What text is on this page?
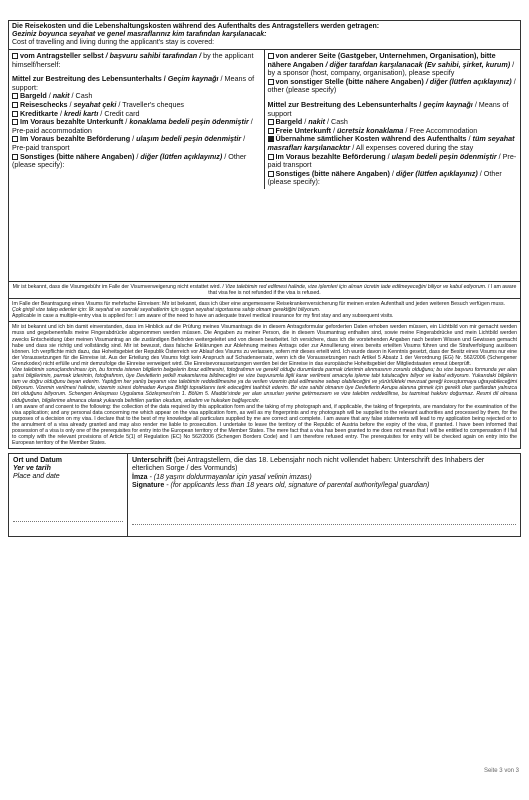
Die Reisekosten und die Lebenshaltungskosten während des Aufenthalts des Antragstellers werden getragen:
Geziniz boyunca seyahat ve genel masraflarınız kim tarafından karşılanacak:
Cost of travelling and living during the applicant's stay is covered:
vom Antragsteller selbst / başvuru sahibi tarafından / by the applicant himself/herself:
Mittel zur Bestreitung des Lebensunterhalts / Geçim kaynağı / Means of support:
Bargeld / nakit / Cash
Reiseschecks / seyahat çeki / Traveller's cheques
Kreditkarte / kredi kartı / Credit card
Im Voraus bezahlte Unterkunft / konaklama bedeli peşin ödenmiştir / Pre-paid accommodation
Im Voraus bezahlte Beförderung / ulaşım bedeli peşin ödenmiştir / Pre-paid transport
Sonstiges (bitte nähere Angaben) / diğer (lütfen açıklayınız) / Other (please specify):
von anderer Seite (Gastgeber, Unternehmen, Organisation), bitte nähere Angaben / diğer tarafdan karşılanacak (Ev sahibi, şirket, kurum) / by a sponsor (host, company, organisation), please specify
von sonstiger Stelle (bitte nähere Angaben) / diğer (lütfen açıklayınız) / other (please specify)
Mittel zur Bestreitung des Lebensunterhalts / geçim kaynağı / Means of support
Bargeld / nakit / Cash
Freie Unterkunft / ücretsiz konaklama / Free Accommodation
Übernahme sämtlicher Kosten während des Aufenthalts / tüm seyahat masrafları karşılanacktır / All expenses covered during the stay
Im Voraus bezahlte Beförderung / ulaşım bedeli peşin ödenmiştir / Pre-paid transport
Sonstiges (bitte nähere Angaben) / diğer (lütfen açıklayınız) / Other (please specify):
Mir ist bekannt, dass die Visumgebühr im Falle der Visumverweigerung nicht erstattet wird. / Vize talebimin red edilmesi halinde, vize işlemleri için alınan ücretin iade edilmeyeceğini biliyor ve kabul ediyorum. / I am aware that visa fee is not refunded if the visa is refused.

Im Falle der Beantragung eines Visums für mehrfache Einreisen: Mir ist bekannt, dass ich über eine angemessene Reisekrankenversicherung für meinen ersten Aufenthalt und jeden weiteren Besuch verfügen muss.

Çok girişli vize talep edenler için: İlk seyahat ve sonraki seyahatlerim için uygun seyahat sigortasına sahip olmam gerektiğini biliyorum.

Applicable in case a multiple-entry visa is applied for: I am aware of the need to have an adequate travel medical insurance for my first stay and any subsequent visits.

Mir ist bekannt und ich bin damit einverstanden, dass im Hinblick auf die Prüfung meines Visumantrags die in diesem Antragsformular geforderten Daten erhoben werden müssen, ein Lichtbild von mir gemacht werden muss und gegebenenfalls meine Fingerabdrücke abgenommen werden müssen. Die Angaben zu meiner Person, die in diesem Visumantrag enthalten sind, sowie meine Fingerabdrücke und mein Lichtbild werden zwecks Entscheidung über meinen Visumantrag an die zuständigen Behörden weitergeleitet und von diesen bearbeitet. Ich versichere, dass ich die vorstehenden Angaben nach bestem Wissen und Gewissen gemacht habe und dass sie richtig und vollständig sind. Mir ist bewusst, dass falsche Erklärungen zur Ablehnung meines Antrags oder zur Annullierung eines bereits erteilten Visums führen und die Strafverfolgung auslösen können. Ich verpflichte mich dazu, das Hoheitsgebiet der Republik Österreich vor Ablauf des Visums zu verlassen, sofern mir dieses erteilt wird. Ich wurde davon in Kenntnis gesetzt, dass der Besitz eines Visums nur eine der Voraussetzungen für die Einreise ist. Aus der Erteilung des Visums folgt kein Anspruch auf Schadensersatz, wenn ich die Voraussetzungen nach Artikel 5 Absatz 1 der Verordnung (EG) Nr. 562/2006 (Schengener Grenzkodex) nicht erfülle und mir demzufolge die Einreise verweigert wird. Die Einreisevoraussetzungen werden bei der Einreise in das europäische Hoheitsgebiet der Mitgliedstaaten erneut überprüft.

Vize talebimin sonuçlandırılması için, bu formda istenen bilgilerin belgelerin ibraz edilmesini, fotoğrafımın ve gerekli olduğu durumlarda parmak izlerimin alınmasının zorunlu olduğunu; bu vize başvuru formunda yer alan şahsi bilgilerimin, parmak izlerimin, fotoğrafımın, üye Devletlerin yetkili makamlarına bildireceğini ve vize başvurumla ilgili karar verilmesi amacıyla işleme tabi tutulacağını biliyor ve kabul ediyorum. Yukarıdaki bilgilerin tam ve doğru olduğunu beyan ederim. Yaptığım her yanlış beyanın vize talebimin reddedilmesine ya da verilen vizemin iptal edilmesine sebep olabileceğini ve yürürlükteki mevzuat gereği kovuşturmaya uğrayabileceğimi biliyorum. Vizemin verilmesi halinde, vizemin süresi dolmadan Avrupa Birliği topraklarını terk edeceğimi taahhüt ederim. Bir vize sahibi olmanın üye Devletlerin Avrupa alanına girmek için gerekli olan şartlardan yalnızca biri olduğunu biliyorum. Schengen Anlaşması Uygulama Sözleşmesi'nin 1. Bölüm 5. Madde'sinde yer alan unsurları yerine getirmezsem ve vize talebim reddedilirse, bu tazminat hakkını doğurmaz. Resmi dil olmasa olduğundan, bilgilerime almanca olarak yukarıda belirtilen şartları okudum, anladım ve hukuken bağlayıcıdır.

I am aware of and consent to the following: the collection of the data required by this application form and the taking of my photograph and, if applicable, the taking of fingerprints, are mandatory for the examination of the visa application; and any personal data concerning me which appear on the visa application form, as well as my fingerprints and my photograph will be supplied to the relevant authorities and processed by them, for the purposes of a decision on my visa. I declare that to the best of my knowledge all particulars supplied by me are correct and complete. I am aware that any false statements will lead to my application being rejected or to the annulment of a visa already granted and may also render me liable to prosecution. I undertake to leave the territory of the Republic of Austria before the expiry of the visa, if granted. I have been informed that possession of a visa is only one of the prerequisites for entry into the European territory of the Member States. The mere fact that a visa has been granted to me does not mean that I will be entitled to compensation if I fail to comply with the relevant provisions of Article 5(1) of Regulation (EC) No 562/2006 (Schengen Borders Code) and I am therefore refused entry. The prerequisites for entry will be checked again on entry into the European territory of the Member States.

Ort und Datum
Yer ve tarih
Place and date
Unterschrift (bei Antragstellern, die das 18. Lebensjahr noch nicht vollendet haben: Unterschrift des Inhabers der elterlichen Sorge / des Vormunds)
İmza - (18 yaşını doldurmayanlar için yasal velinin imzası)
Signature - (for applicants less than 18 years old, signature of parental authority/legal guardian)
Seite 3 von 3
